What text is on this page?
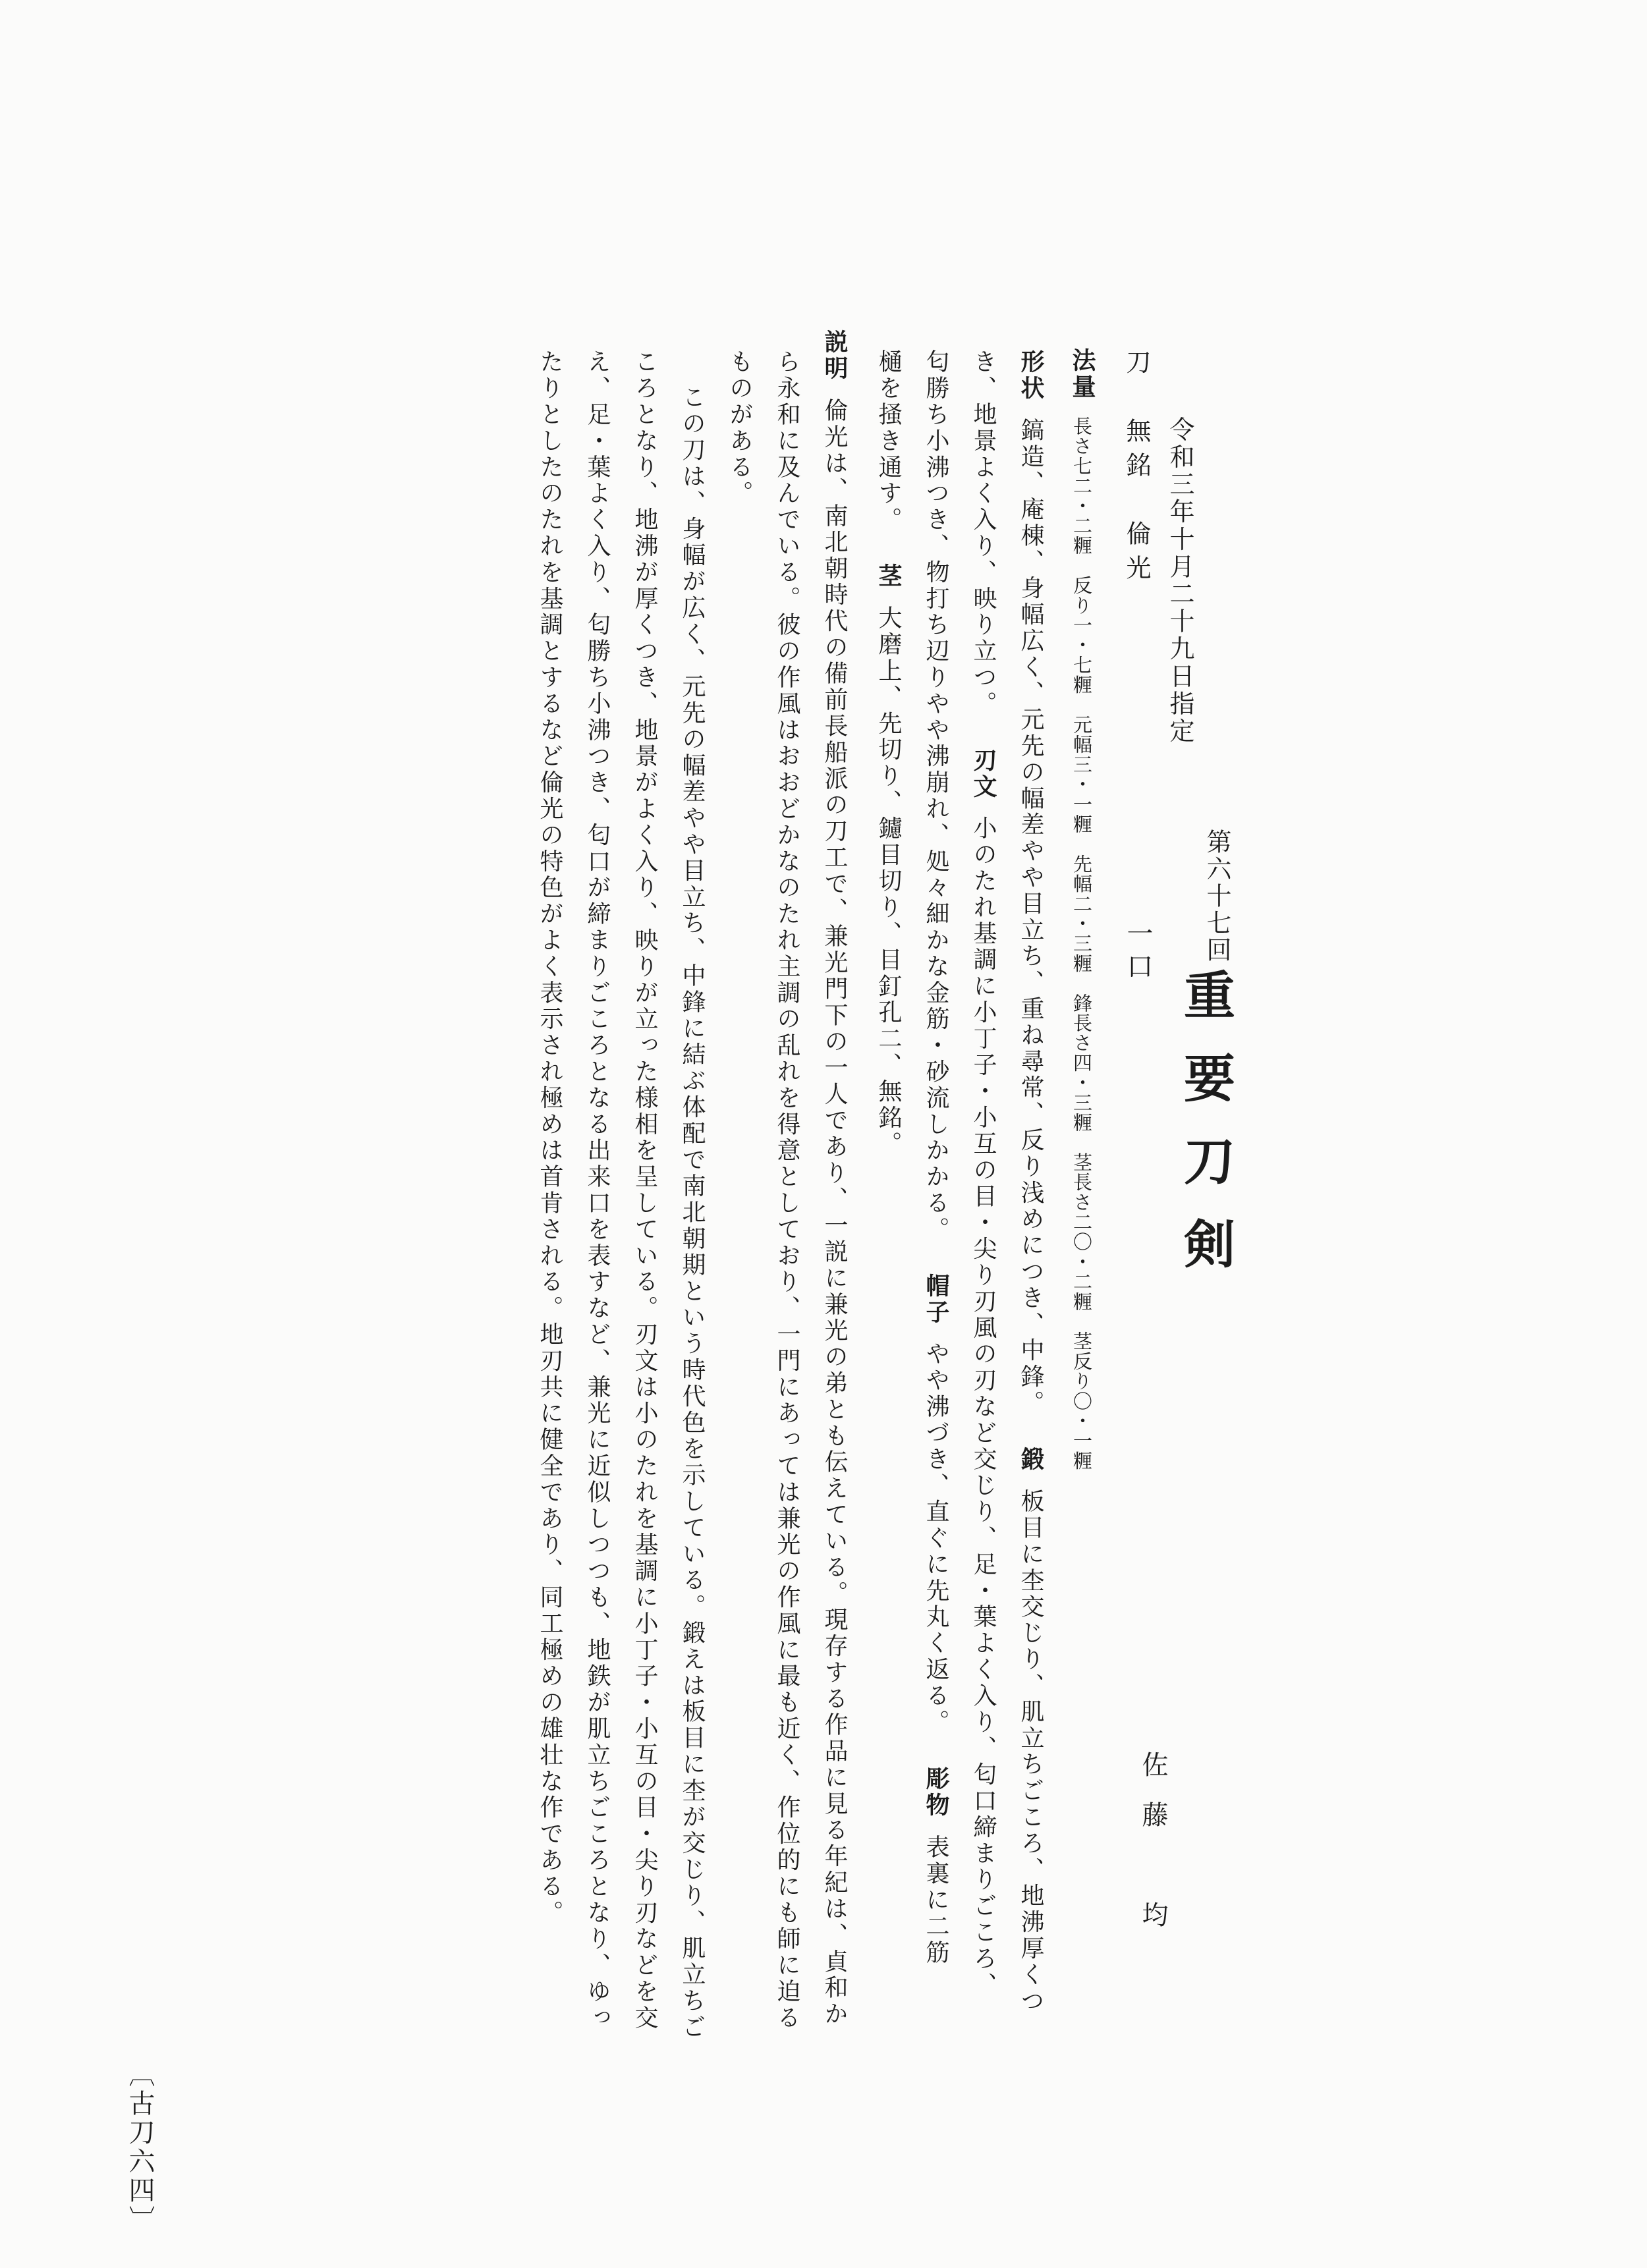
第六十七回
重要刀剣
令和三年十月二十九日指定
佐藤　均
刀　無銘　倫光
一口
法量長さ七二・二糎　反り一・七糎　元幅三・一糎　先幅二・三糎　鋒長さ四・三糎　茎長さ二〇・二糎　茎反り〇・一糎
形状鎬造、庵棟、身幅広く、元先の幅差やや目立ち、重ね尋常、反り浅めにつき、中鋒。鍛板目に杢交じり、肌立ちごころ、地沸厚くつ
き、地景よく入り、映り立つ。刃文小のたれ基調に小丁子・小互の目・尖り刃風の刃など交じり、足・葉よく入り、匂口締まりごころ、
匂勝ち小沸つき、物打ち辺りやや沸崩れ、処々細かな金筋・砂流しかかる。帽子やや沸づき、直ぐに先丸く返る。彫物表裏に二筋
樋を掻き通す。茎大磨上、先切り、鑢目切り、目釘孔二、無銘。
説明倫光は、南北朝時代の備前長船派の刀工で、兼光門下の一人であり、一説に兼光の弟とも伝えている。現存する作品に見る年紀は、貞和か
ら永和に及んでいる。彼の作風はおおどかなのたれ主調の乱れを得意としており、一門にあっては兼光の作風に最も近く、作位的にも師に迫る
ものがある。
この刀は、身幅が広く、元先の幅差やや目立ち、中鋒に結ぶ体配で南北朝期という時代色を示している。鍛えは板目に杢が交じり、肌立ちご
ころとなり、地沸が厚くつき、地景がよく入り、映りが立った様相を呈している。刃文は小のたれを基調に小丁子・小互の目・尖り刃などを交
え、足・葉よく入り、匂勝ち小沸つき、匂口が締まりごころとなる出来口を表すなど、兼光に近似しつつも、地鉄が肌立ちごころとなり、ゆっ
たりとしたのたれを基調とするなど倫光の特色がよく表示され極めは首肯される。地刃共に健全であり、同工極めの雄壮な作である。
〔古刀六四〕
